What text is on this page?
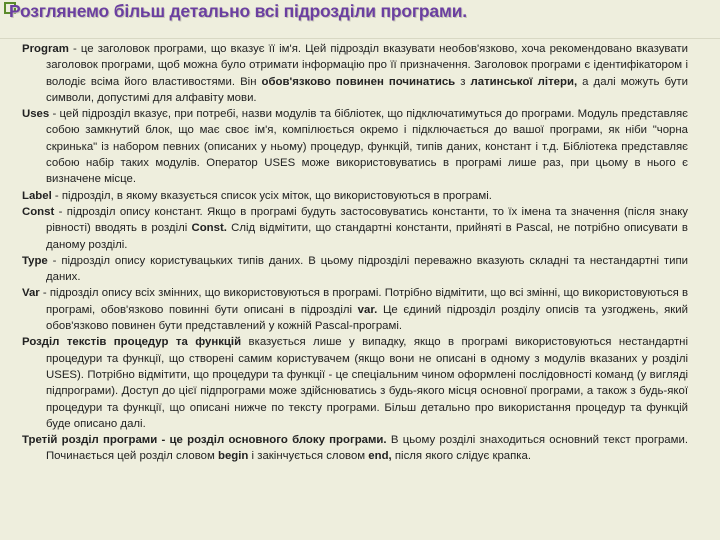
Розглянемо більш детально всі підрозділи програми.
Program - це заголовок програми, що вказує її ім'я. Цей підрозділ вказувати необов'язково, хоча рекомендовано вказувати заголовок програми, щоб можна було отримати інформацію про її призначення. Заголовок програми є ідентифікатором і володіє всіма його властивостями. Він обов'язково повинен починатись з латинської літери, а далі можуть бути символи, допустимі для алфавіту мови.
Uses - цей підрозділ вказує, при потребі, назви модулів та бібліотек, що підключатимуться до програми. Модуль представляє собою замкнутий блок, що має своє ім'я, компілюється окремо і підключається до вашої програми, як ніби "чорна скринька" із набором певних (описаних у ньому) процедур, функцій, типів даних, констант і т.д. Бібліотека представляє собою набір таких модулів. Оператор USES може використовуватись в програмі лише раз, при цьому в нього є визначене місце.
Label - підрозділ, в якому вказується список усіх міток, що використовуються в програмі.
Const - підрозділ опису констант. Якщо в програмі будуть застосовуватись константи, то їх імена та значення (після знаку рівності) вводять в розділі Const. Слід відмітити, що стандартні константи, прийняті в Pascal, не потрібно описувати в даному розділі.
Type - підрозділ опису користувацьких типів даних. В цьому підрозділі переважно вказують складні та нестандартні типи даних.
Var - підрозділ опису всіх змінних, що використовуються в програмі. Потрібно відмітити, що всі змінні, що використовуються в програмі, обов'язково повинні бути описані в підрозділі var. Це єдиний підрозділ розділу описів та узгоджень, який обов'язково повинен бути представлений у кожній Pascal-програмі.
Розділ текстів процедур та функцій вказується лише у випадку, якщо в програмі використовуються нестандартні процедури та функції, що створені самим користувачем (якщо вони не описані в одному з модулів вказаних у розділі USES). Потрібно відмітити, що процедури та функції - це спеціальним чином оформлені послідовності команд (у вигляді підпрограми). Доступ до цієї підпрограми може здійснюватись з будь-якого місця основної програми, а також з будь-якої процедури та функції, що описані нижче по тексту програми. Більш детально про використання процедур та функцій буде описано далі.
Третій розділ програми - це розділ основного блоку програми. В цьому розділі знаходиться основний текст програми. Починається цей розділ словом begin і закінчується словом end, після якого слідує крапка.
